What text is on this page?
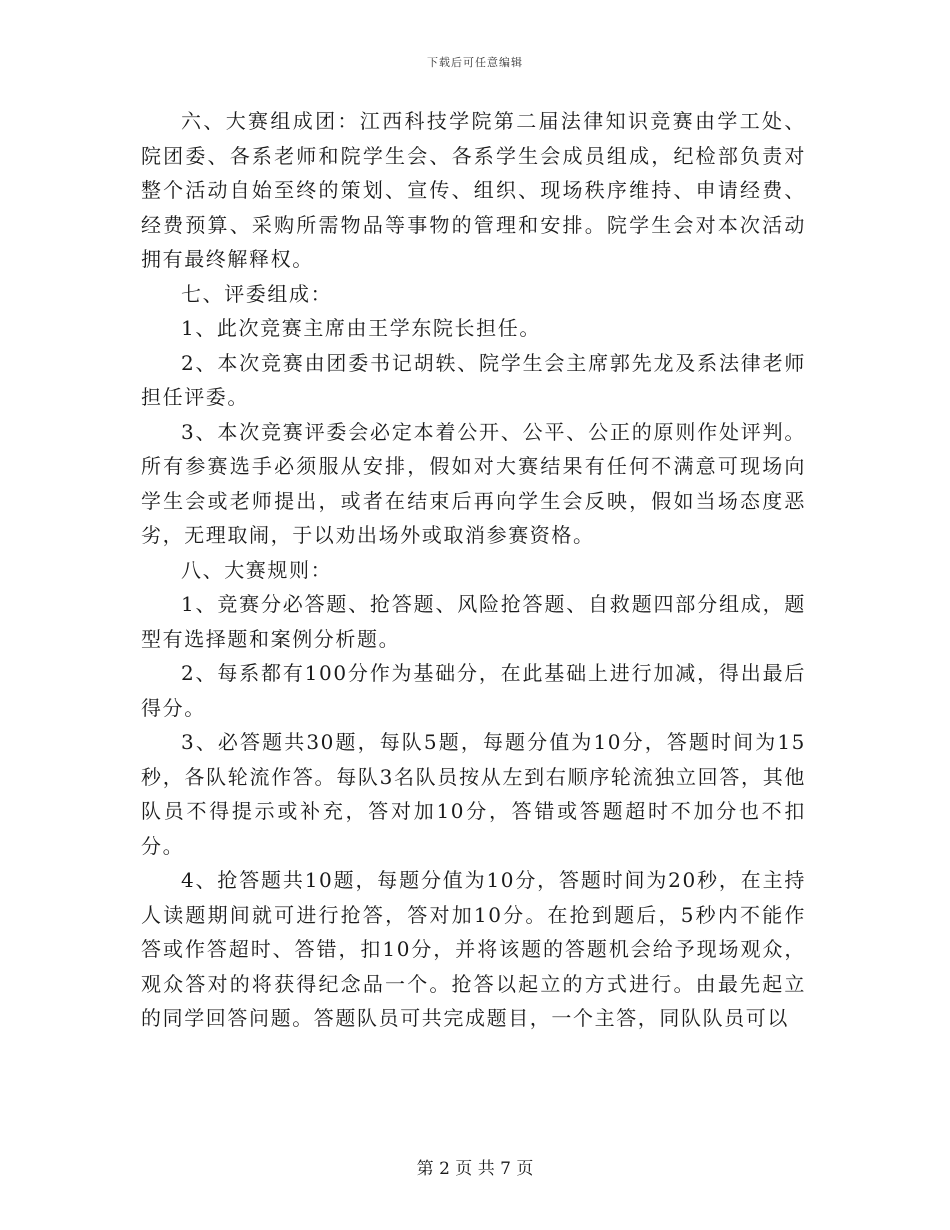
下载后可任意编辑

六、大赛组成团：江西科技学院第二届法律知识竞赛由学工处、院团委、各系老师和院学生会、各系学生会成员组成，纪检部负责对整个活动自始至终的策划、宣传、组织、现场秩序维持、申请经费、经费预算、采购所需物品等事物的管理和安排。院学生会对本次活动拥有最终解释权。

七、评委组成：

1、此次竞赛主席由王学东院长担任。

2、本次竞赛由团委书记胡轶、院学生会主席郭先龙及系法律老师担任评委。

3、本次竞赛评委会必定本着公开、公平、公正的原则作处评判。所有参赛选手必须服从安排，假如对大赛结果有任何不满意可现场向学生会或老师提出，或者在结束后再向学生会反映，假如当场态度恶劣，无理取闹，于以劝出场外或取消参赛资格。

八、大赛规则：

1、竞赛分必答题、抢答题、风险抢答题、自救题四部分组成，题型有选择题和案例分析题。

2、每系都有100分作为基础分，在此基础上进行加减，得出最后得分。

3、必答题共30题，每队5题，每题分值为10分，答题时间为15秒，各队轮流作答。每队3名队员按从左到右顺序轮流独立回答，其他队员不得提示或补充，答对加10分，答错或答题超时不加分也不扣分。

4、抢答题共10题，每题分值为10分，答题时间为20秒，在主持人读题期间就可进行抢答，答对加10分。在抢到题后，5秒内不能作答或作答超时、答错，扣10分，并将该题的答题机会给予现场观众，观众答对的将获得纪念品一个。抢答以起立的方式进行。由最先起立的同学回答问题。答题队员可共完成题目，一个主答，同队队员可以

第 2 页 共 7 页
